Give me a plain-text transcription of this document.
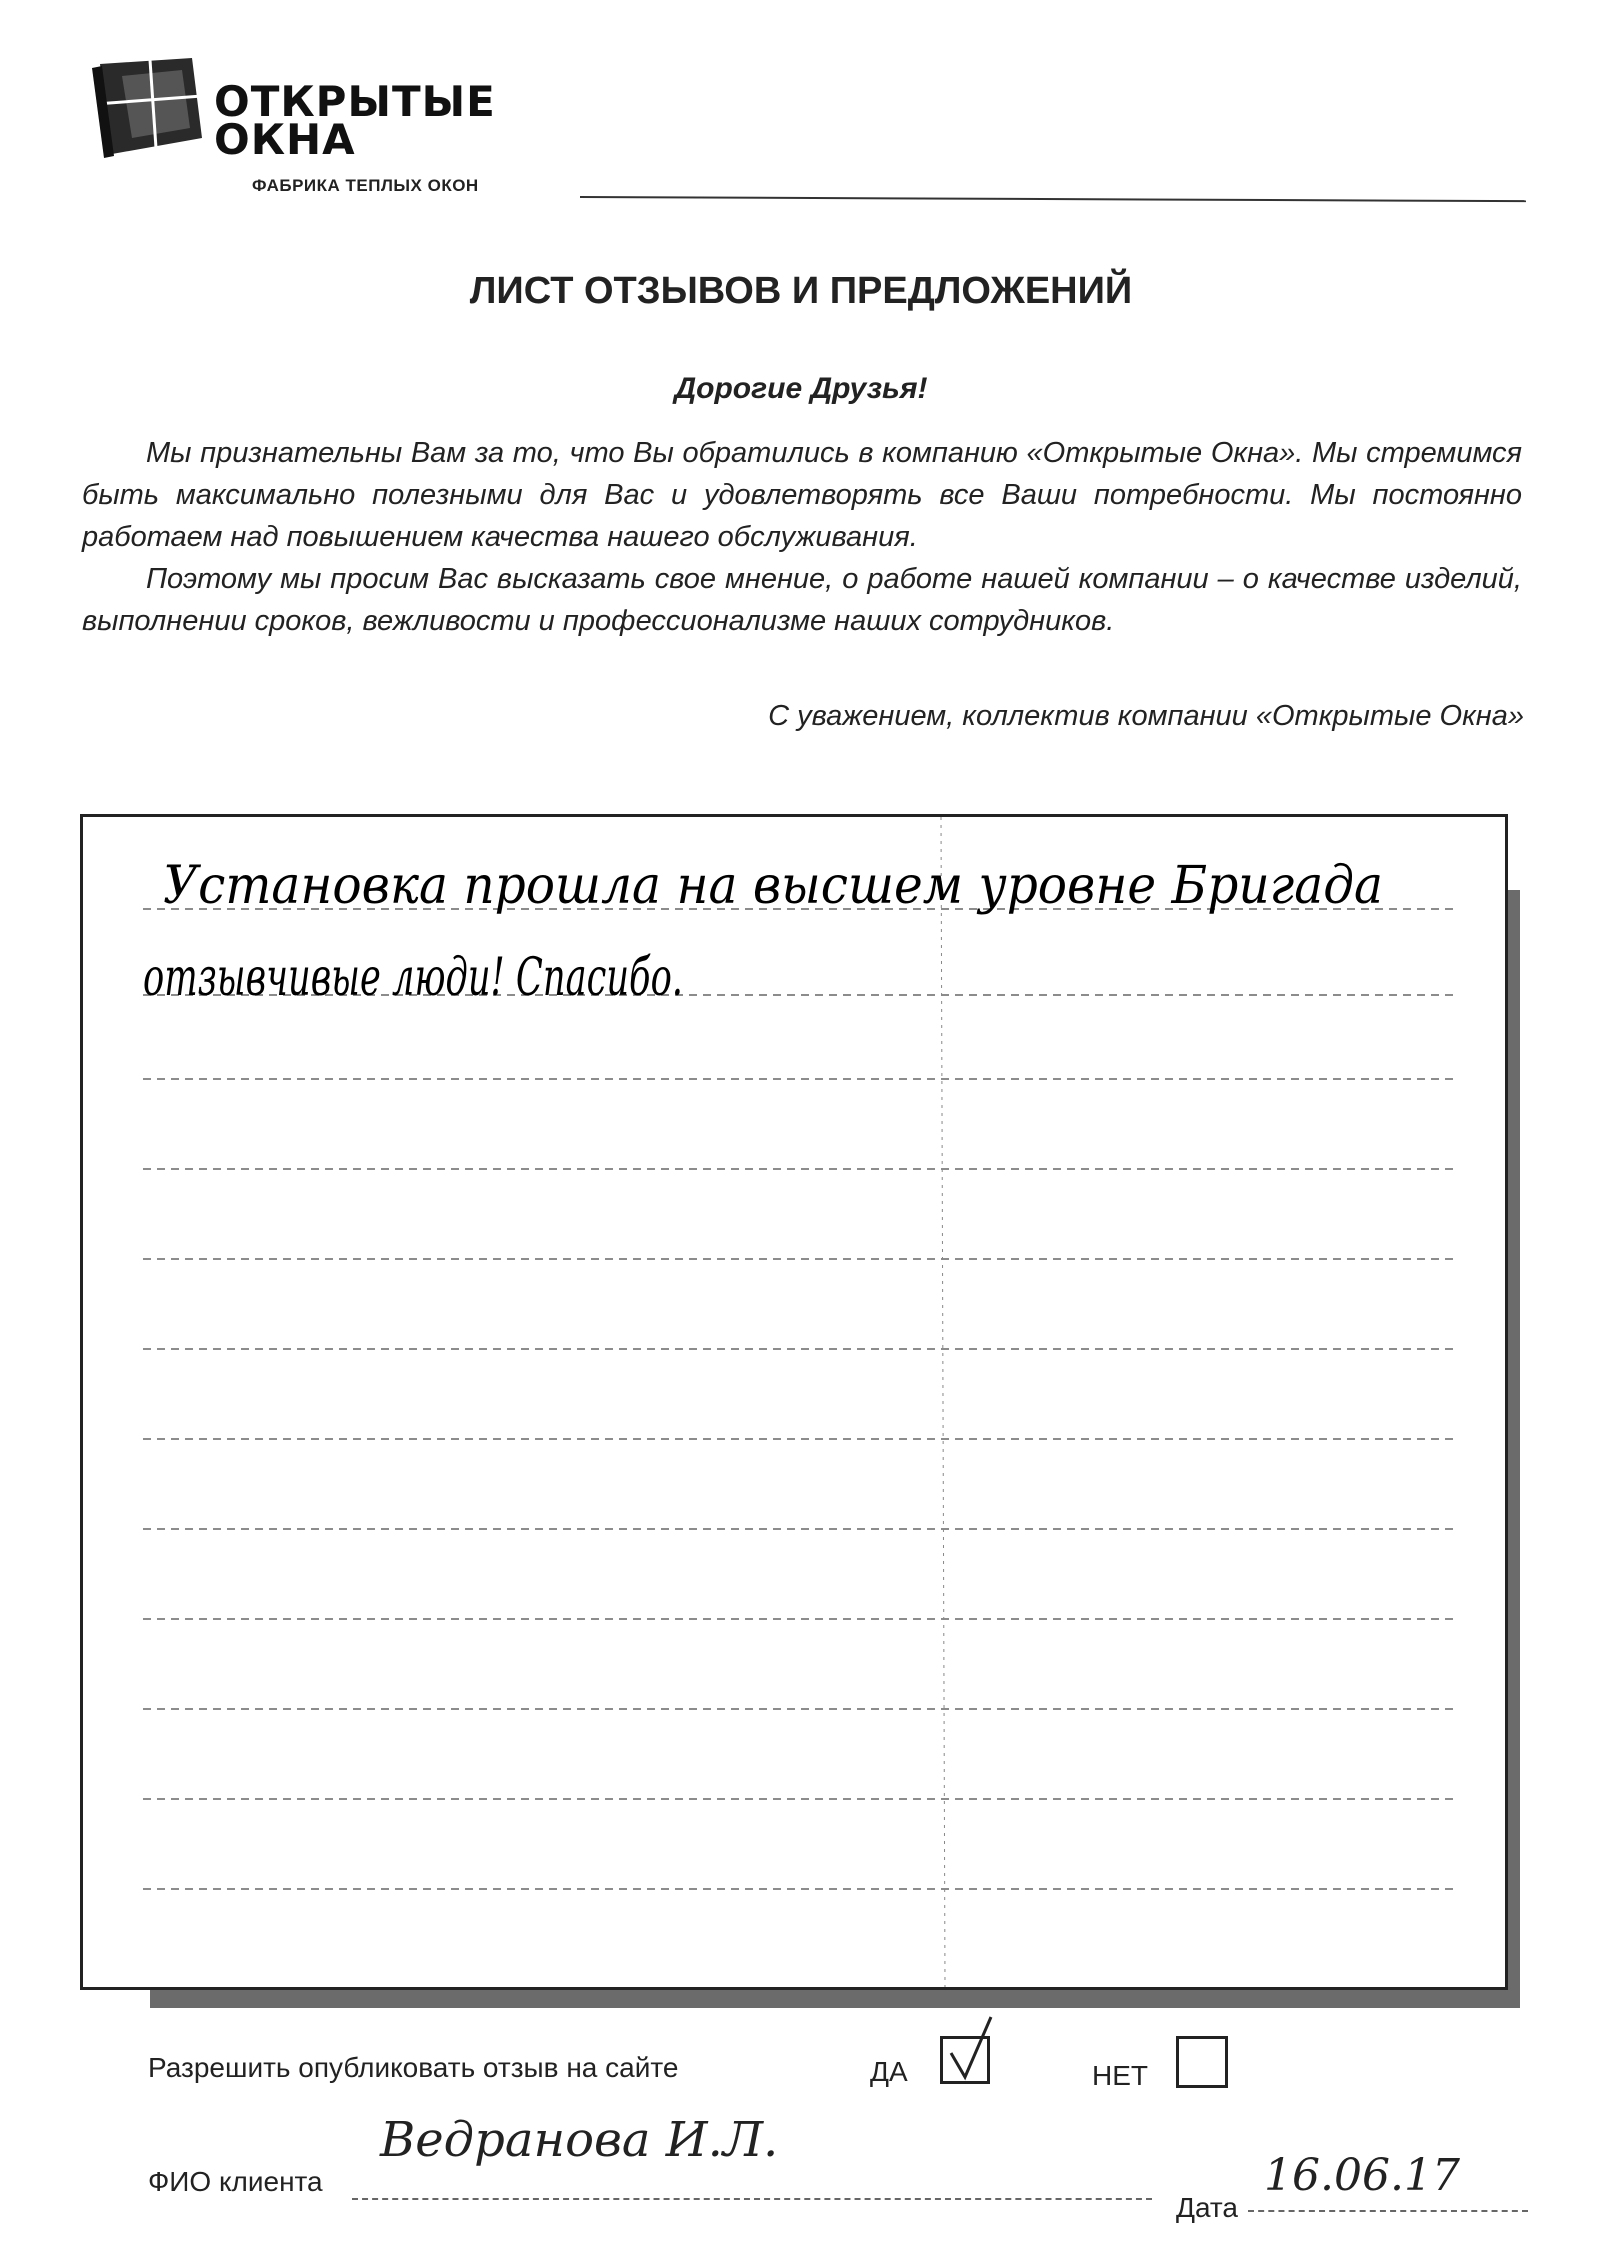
ОТКРЫТЫЕ
ОКНА
ФАБРИКА ТЕПЛЫХ ОКОН
ЛИСТ ОТЗЫВОВ И ПРЕДЛОЖЕНИЙ
Дорогие Друзья!

Мы признательны Вам за то, что Вы обратились в компанию «Открытые Окна». Мы стремимся быть максимально полезными для Вас и удовлетворять все Ваши потребности. Мы постоянно работаем над повышением качества нашего обслуживания.

Поэтому мы просим Вас высказать свое мнение, о работе нашей компании – о качестве изделий, выполнении сроков, вежливости и профессионализме наших сотрудников.

С уважением, коллектив компании «Открытые Окна»
Установка прошла на высшем уровне Бригада
отзывчивые люди! Спасибо.
Разрешить опубликовать отзыв на сайте	ДА	НЕТ
ФИО клиента
Ведранова И.Л.
Дата
16.06.17
